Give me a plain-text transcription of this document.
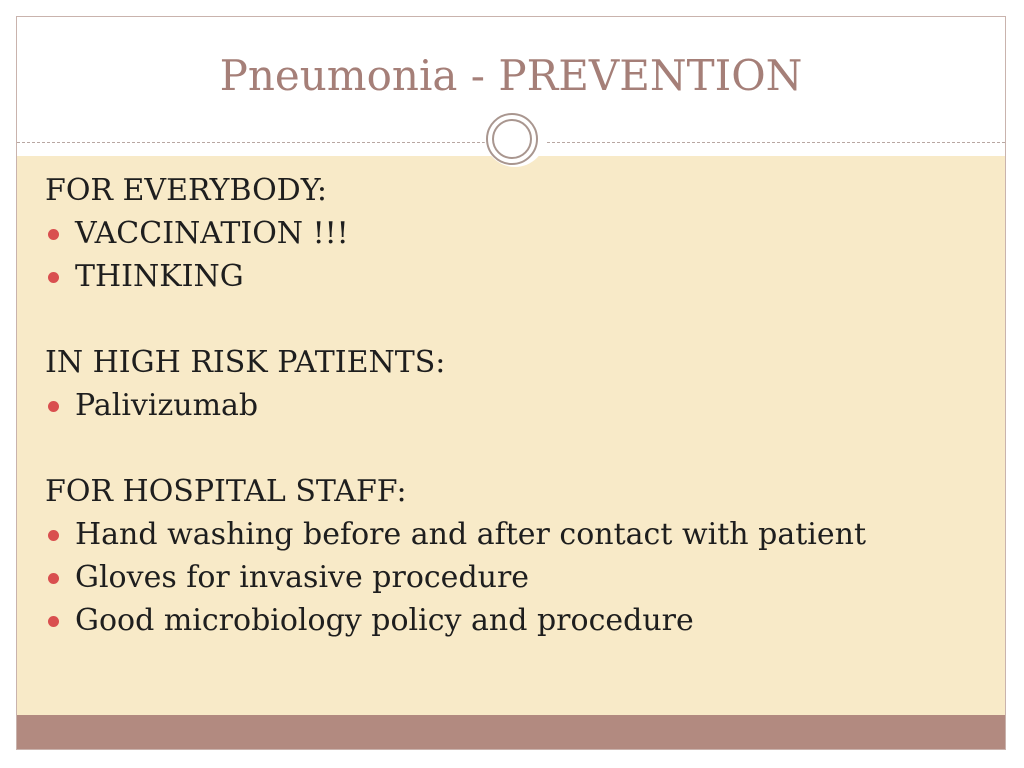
Pneumonia - PREVENTION
FOR EVERYBODY:
VACCINATION !!!
THINKING
IN HIGH RISK PATIENTS:
Palivizumab
FOR HOSPITAL STAFF:
Hand washing before and after contact with patient
Gloves for invasive procedure
Good microbiology policy and procedure
